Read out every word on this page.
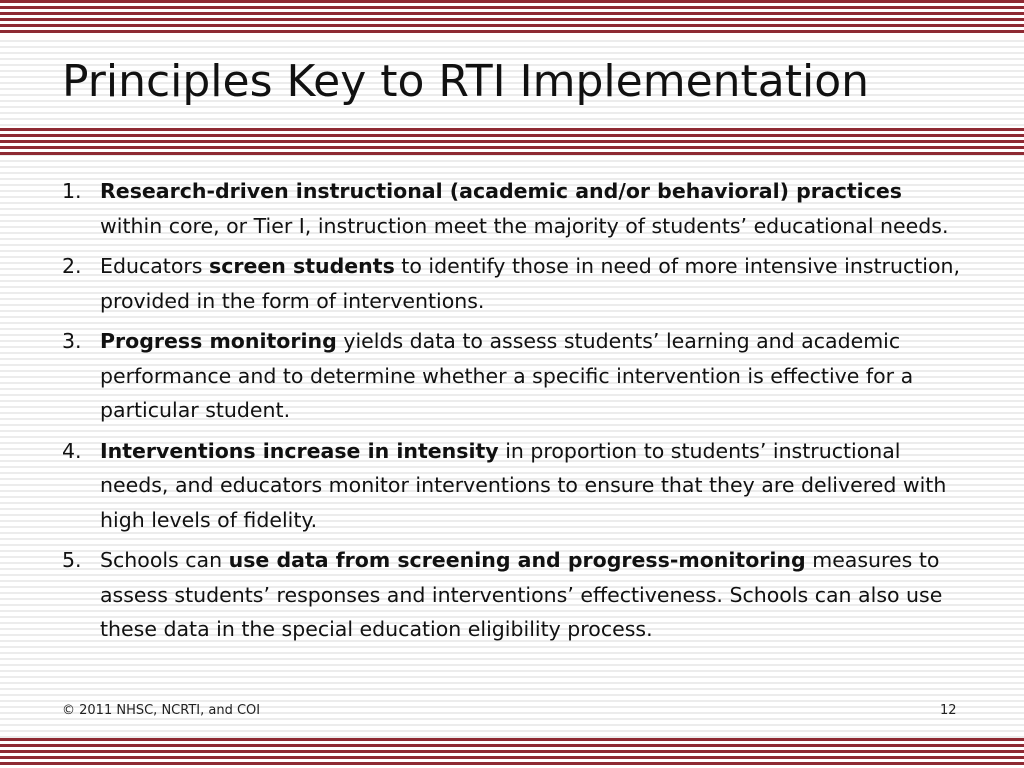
Principles Key to RTI Implementation
1. Research-driven instructional (academic and/or behavioral) practices within core, or Tier I, instruction meet the majority of students’ educational needs.
2. Educators screen students to identify those in need of more intensive instruction, provided in the form of interventions.
3. Progress monitoring yields data to assess students’ learning and academic performance and to determine whether a specific intervention is effective for a particular student.
4. Interventions increase in intensity in proportion to students’ instructional needs, and educators monitor interventions to ensure that they are delivered with high levels of fidelity.
5. Schools can use data from screening and progress-monitoring measures to assess students’ responses and interventions’ effectiveness. Schools can also use these data in the special education eligibility process.
© 2011 NHSC, NCRTI, and COI	12
